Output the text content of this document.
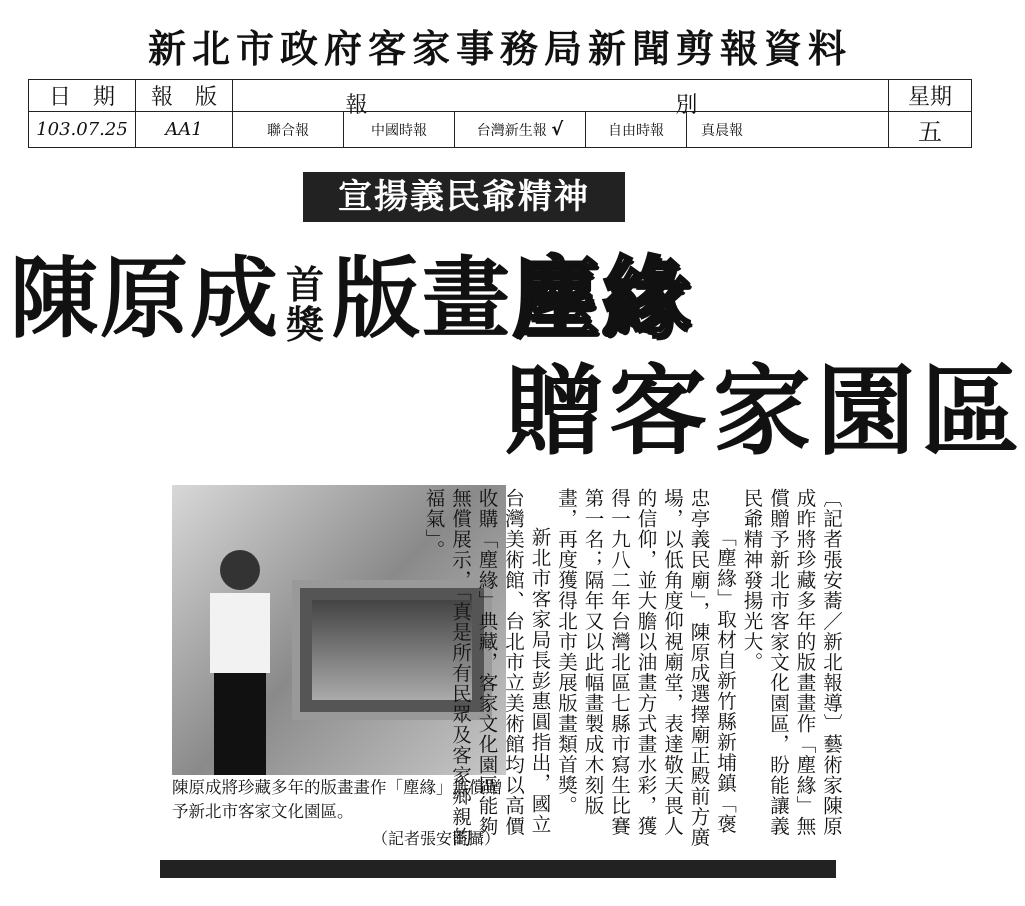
新北市政府客家事務局新聞剪報資料
日　期	報　版	報 別					星期
103.07.25	AA1	聯合報	中國時報	台灣新生報 √	自由時報	真晨報	五
宣揚義民爺精神
陳原成 首
獎版畫塵緣
贈客家園區
陳原成將珍藏多年的版畫畫作「塵緣」無償贈予新北市客家文化園區。
（記者張安蕎攝）

〔記者張安蕎／新北報導〕藝術家陳原成昨將珍藏多年的版畫畫作「塵緣」無償贈予新北市客家文化園區，盼能讓義民爺精神發揚光大。

「塵緣」取材自新竹縣新埔鎮「褒忠亭義民廟」，陳原成選擇廟正殿前方廣場，以低角度仰視廟堂，表達敬天畏人的信仰，並大膽以油畫方式畫水彩，獲得一九八二年台灣北區七縣市寫生比賽第一名；隔年又以此幅畫製成木刻版畫，再度獲得北市美展版畫類首獎。

新北市客家局長彭惠圓指出，國立台灣美術館、台北市立美術館均以高價收購「塵緣」典藏，客家文化園區能夠無償展示，「真是所有民眾及客家鄉親的福氣」。
